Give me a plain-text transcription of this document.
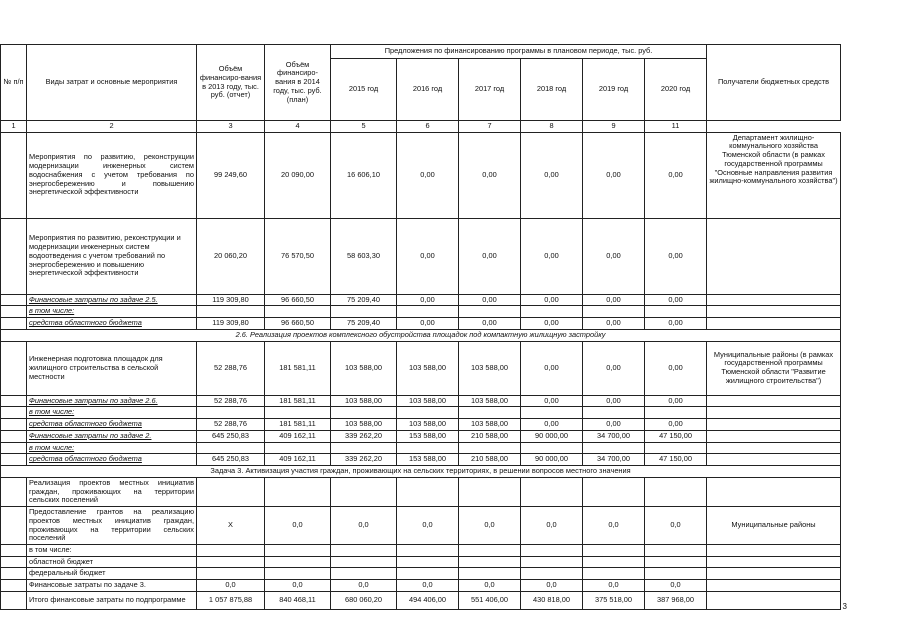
№ п/п	Виды затрат и основные мероприятия	Объём финансиро-вания в 2013 году, тыс. руб. (отчет)	Объём финансиро-вания в 2014 году, тыс. руб. (план)	Предложения по финансированию программы в плановом периоде, тыс. руб.						Получатели бюджетных средств
				2015 год	2016 год	2017 год	2018 год	2019 год	2020 год	
1	2	3	4	5	6	7	8	9	11	
	Мероприятия по развитию, реконструкции модернизации инженерных систем водоснабжения с учетом требования по энергосбережению и повышению энергетической эффективности	99 249,60	20 090,00	16 606,10	0,00	0,00	0,00	0,00	0,00	Департамент жилищно-коммунального хозяйства Тюменской области (в рамках государственной программы "Основные направления развития жилищно-коммунального хозяйства")
	Мероприятия по развитию, реконструкции и модернизации инженерных систем водоотведения с учетом требований по энергосбережению и повышению энергетической эффективности	20 060,20	76 570,50	58 603,30	0,00	0,00	0,00	0,00	0,00	
	Финансовые затраты по задаче 2.5.	119 309,80	96 660,50	75 209,40	0,00	0,00	0,00	0,00	0,00	
	в том числе:									
	средства областного бюджета	119 309,80	96 660,50	75 209,40	0,00	0,00	0,00	0,00	0,00	
2.6. Реализация проектов комплексного обустройства площадок под компактную жилищную застройку										
	Инженерная подготовка площадок для жилищного строительства в сельской местности	52 288,76	181 581,11	103 588,00	103 588,00	103 588,00	0,00	0,00	0,00	Муниципальные районы (в рамках государственной программы Тюменской области "Развитие жилищного строительства")
	Финансовые затраты по задаче 2.6.	52 288,76	181 581,11	103 588,00	103 588,00	103 588,00	0,00	0,00	0,00	
	в том числе:									
	средства областного бюджета	52 288,76	181 581,11	103 588,00	103 588,00	103 588,00	0,00	0,00	0,00	
	Финансовые затраты по задаче 2.	645 250,83	409 162,11	339 262,20	153 588,00	210 588,00	90 000,00	34 700,00	47 150,00	
	в том числе:									
	средства областного бюджета	645 250,83	409 162,11	339 262,20	153 588,00	210 588,00	90 000,00	34 700,00	47 150,00	
Задача 3. Активизация участия граждан, проживающих на сельских территориях, в решении вопросов местного значения										
	Реализация проектов местных инициатив граждан, проживающих на территории сельских поселений									
	Предоставление грантов на реализацию проектов местных инициатив граждан, проживающих на территории сельских поселений	Х	0,0	0,0	0,0	0,0	0,0	0,0	0,0	Муниципальные районы
	в том числе:									
	областной бюджет									
	федеральный бюджет									
	Финансовые затраты по задаче 3.	0,0	0,0	0,0	0,0	0,0	0,0	0,0	0,0	
	Итого финансовые затраты по подпрограмме	1 057 875,88	840 468,11	680 060,20	494 406,00	551 406,00	430 818,00	375 518,00	387 968,00	
3
